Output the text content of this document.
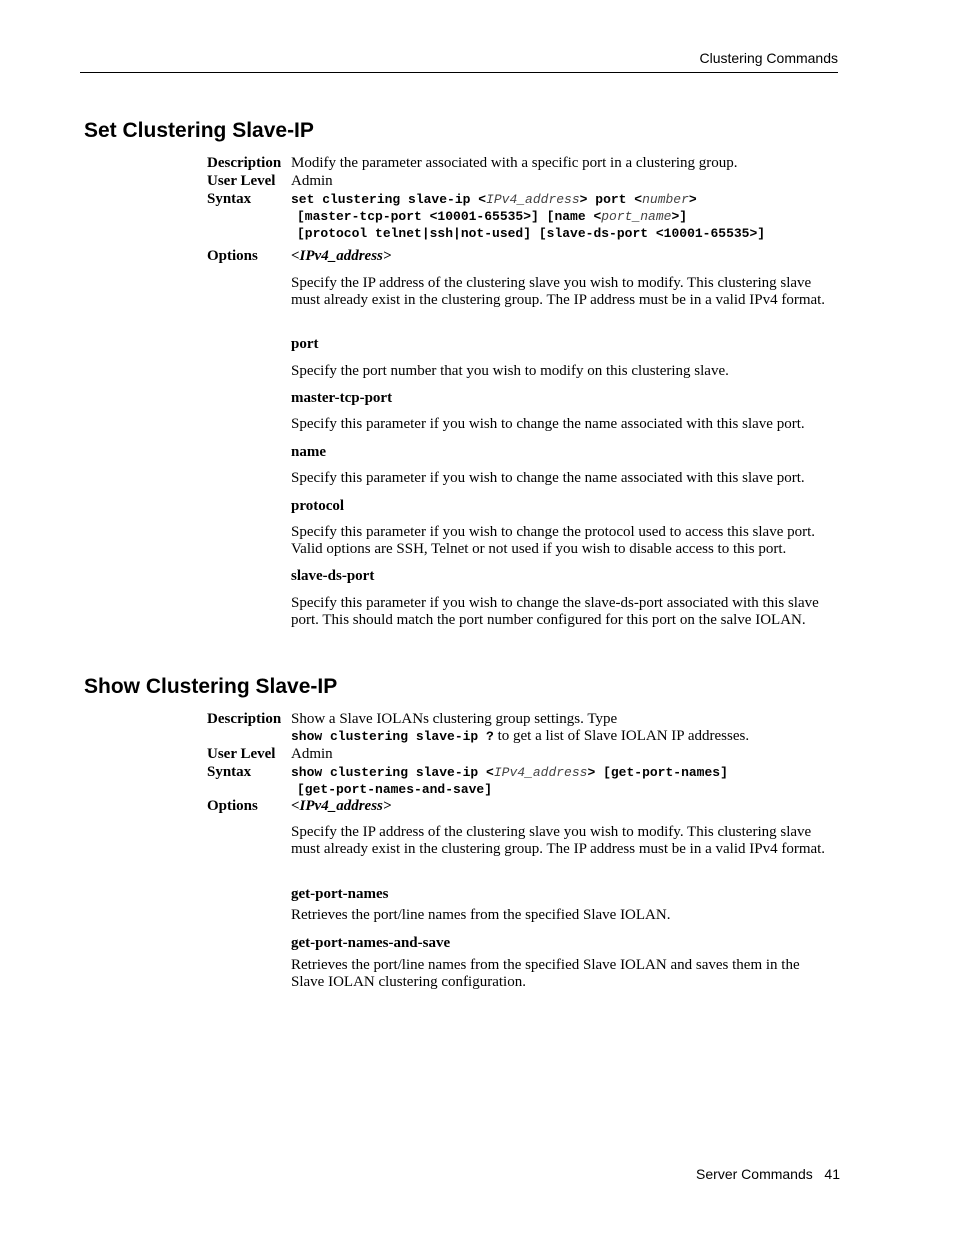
Clustering Commands
Set Clustering Slave-IP
Description Modify the parameter associated with a specific port in a clustering group.
User Level Admin
Syntax	set clustering slave-ip <IPv4_address> port <number>
[master-tcp-port <10001-65535>] [name <port_name>]
[protocol telnet|ssh|not-used] [slave-ds-port <10001-65535>]
Options <IPv4_address>
Specify the IP address of the clustering slave you wish to modify. This clustering slave must already exist in the clustering group. The IP address must be in a valid IPv4 format.
port
Specify the port number that you wish to modify on this clustering slave.
master-tcp-port
Specify this parameter if you wish to change the name associated with this slave port.
name
Specify this parameter if you wish to change the name associated with this slave port.
protocol
Specify this parameter if you wish to change the protocol used to access this slave port. Valid options are SSH, Telnet or not used if you wish to disable access to this port.
slave-ds-port
Specify this parameter if you wish to change the slave-ds-port associated with this slave port. This should match the port number configured for this port on the salve IOLAN.
Show Clustering Slave-IP
Description Show a Slave IOLANs clustering group settings. Type
show clustering slave-ip ? to get a list of Slave IOLAN IP addresses.
User Level Admin
Syntax	show clustering slave-ip <IPv4_address> [get-port-names]
[get-port-names-and-save]
Options <IPv4_address>
Specify the IP address of the clustering slave you wish to modify. This clustering slave must already exist in the clustering group. The IP address must be in a valid IPv4 format.
get-port-names
Retrieves the port/line names from the specified Slave IOLAN.
get-port-names-and-save
Retrieves the port/line names from the specified Slave IOLAN and saves them in the Slave IOLAN clustering configuration.
Server Commands 41
